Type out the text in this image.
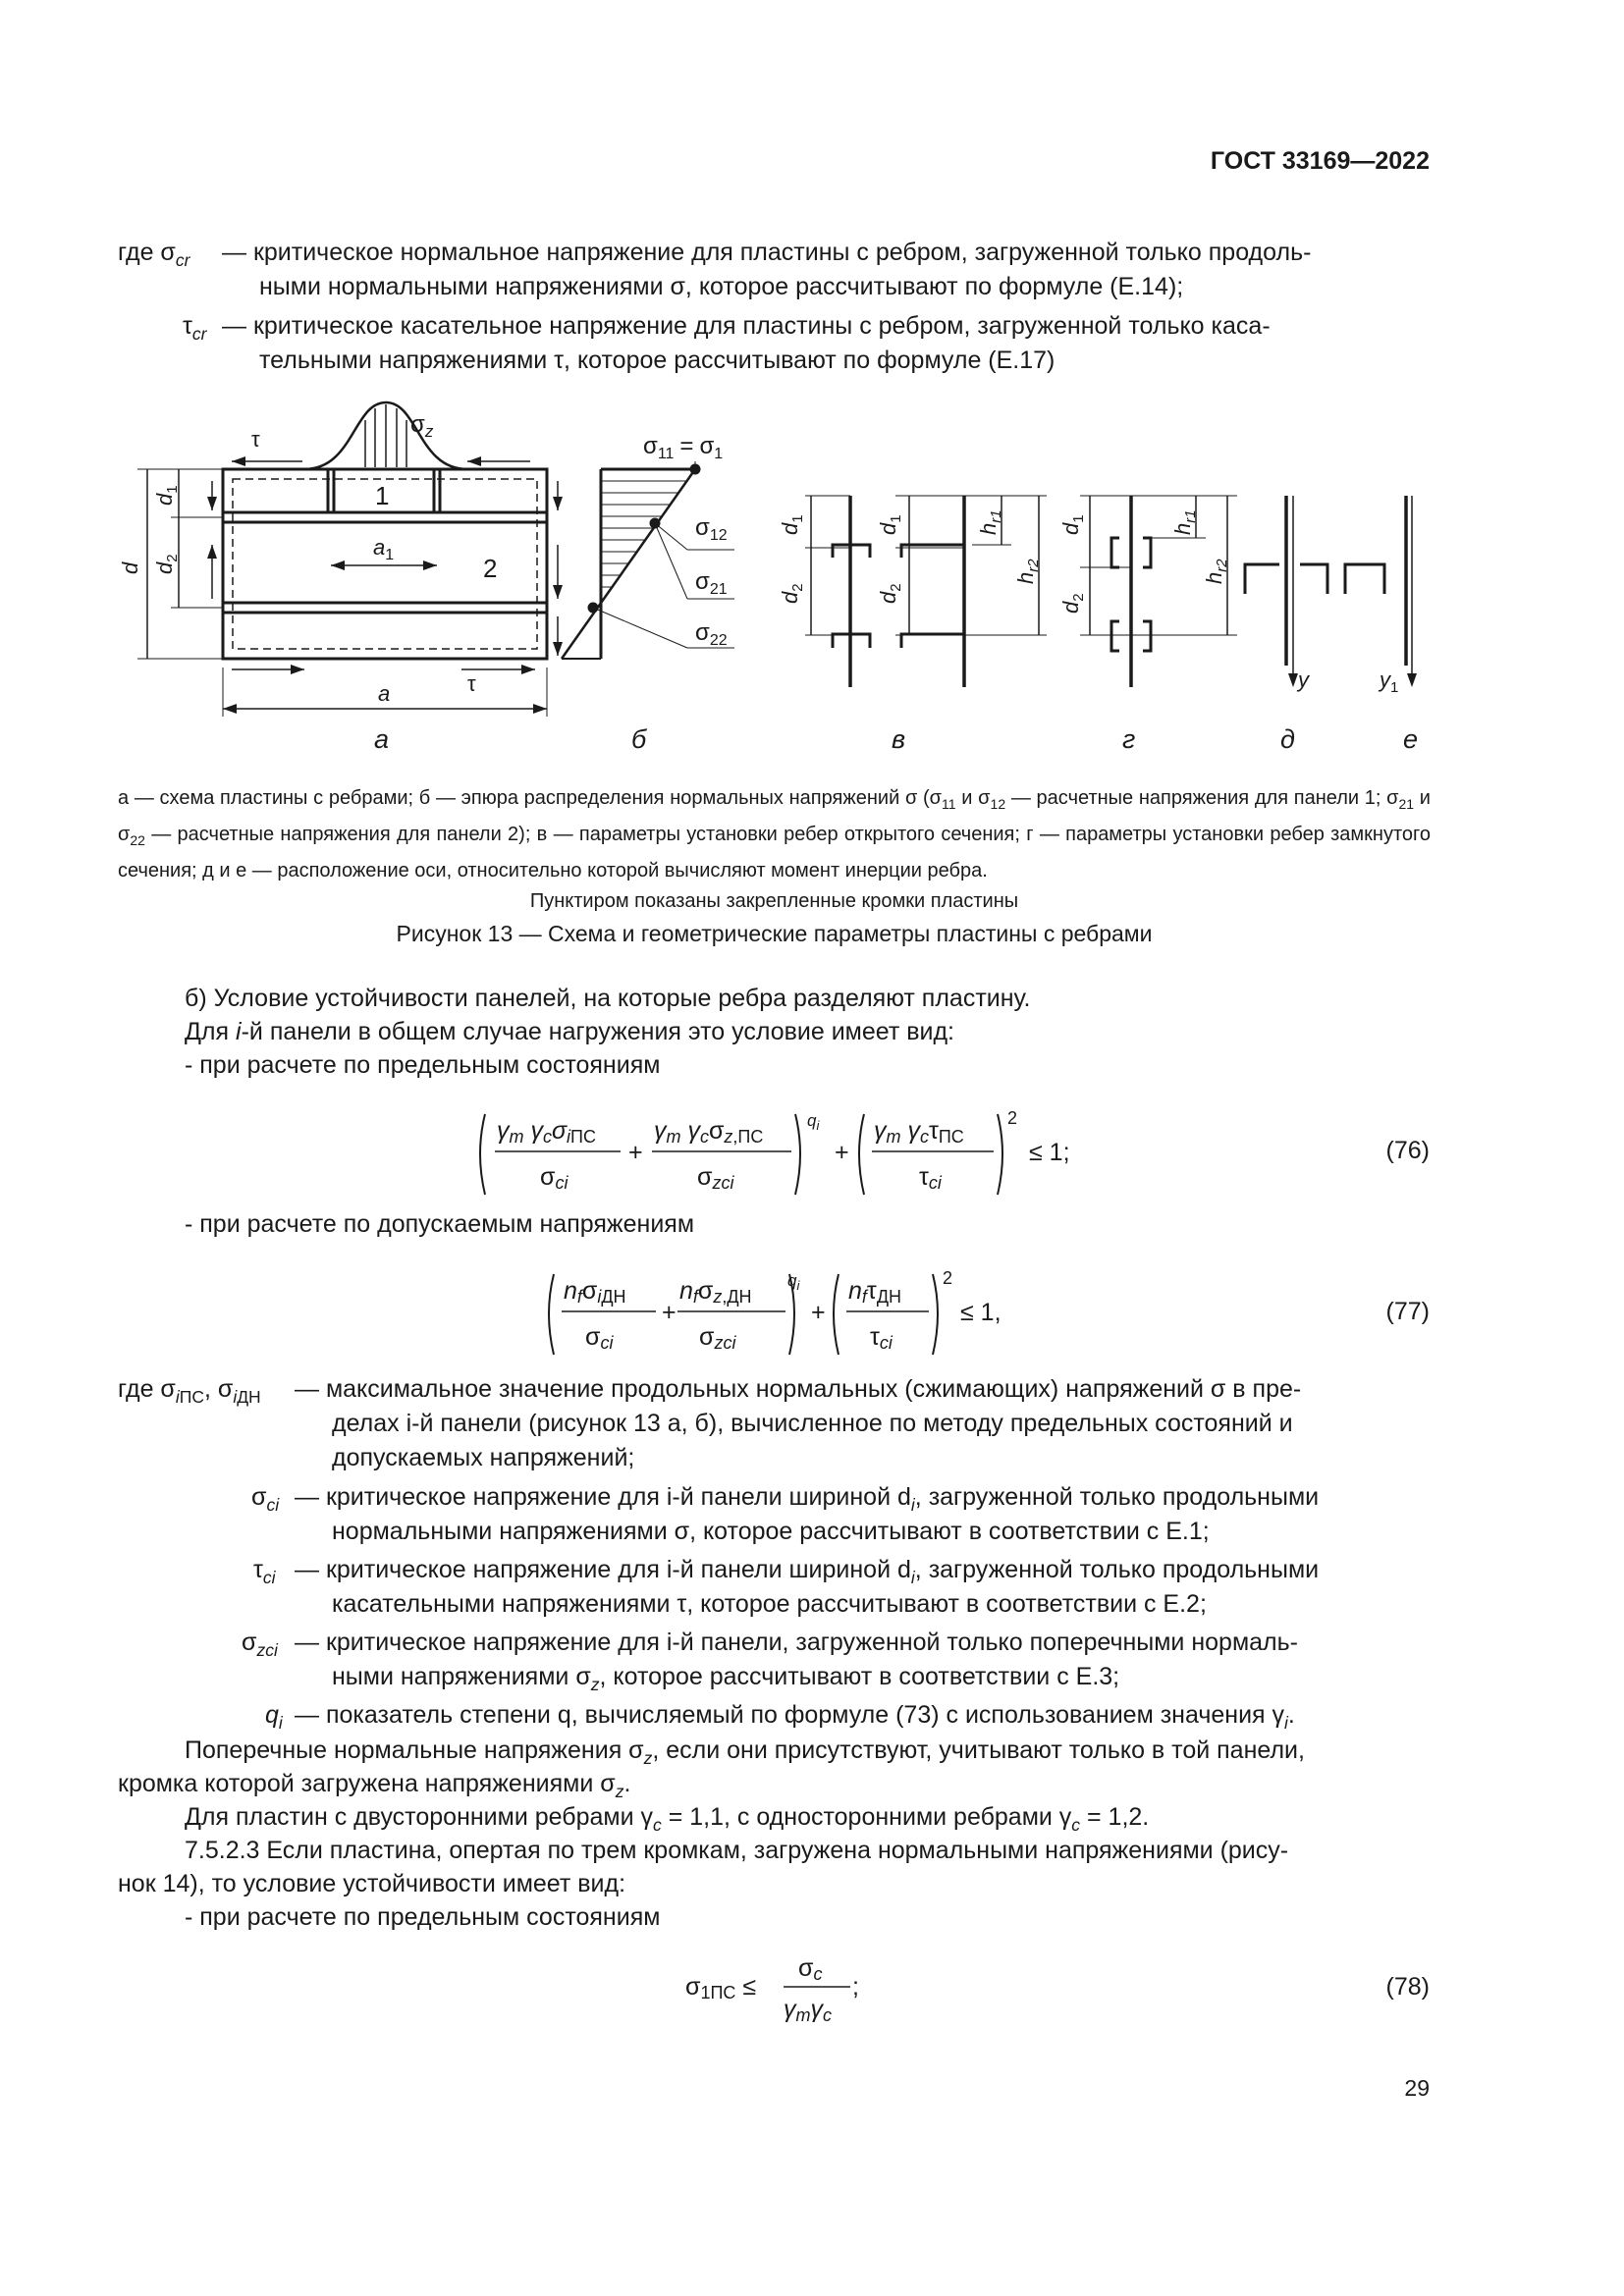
ГОСТ 33169—2022
где $\sigma_{cr}$ — критическое нормальное напряжение для пластины с ребром, загруженной только продоль-
ными нормальными напряжениями σ, которое рассчитывают по формуле (Е.14);
$\tau_{cr}$ — критическое касательное напряжение для пластины с ребром, загруженной только каса-
тельными напряжениями τ, которое рассчитывают по формуле (Е.17)
τ
$\sigma_z$
1
2
$a_1$
a	τ
d
$d_1$
$d_2$
$\sigma_{11} = \sigma_1$
$\sigma_{12}$
$\sigma_{21}$
$\sigma_{22}$
$d_1$
$d_2$
$d_1$
$d_2$
$h_{r1}$
$h_{r2}$
$d_1$
$d_2$
$h_{r1}$
$h_{r2}$
y	$y_1$
а	б	в	г	д	е
а — схема пластины с ребрами; б — эпюра распределения нормальных напряжений σ ($\sigma_{11}$ и $\sigma_{12}$ — расчетные напряжения для панели 1; $\sigma_{21}$ и $\sigma_{22}$ — расчетные напряжения для панели 2); в — параметры установки ребер открытого сечения; г — параметры установки ребер замкнутого сечения; д и е — расположение оси, относительно которой вычисляют момент инерции ребра.
Пунктиром показаны закрепленные кромки пластины
Рисунок 13 — Схема и геометрические параметры пластины с ребрами
б) Условие устойчивости панелей, на которые ребра разделяют пластину.
Для i-й панели в общем случае нагружения это условие имеет вид:
- при расчете по предельным состояниям
γm γcσiПС
σci
+
γm γcσz,ПС
σzci
$q_i$
+
γm γcτПС
τci
2
≤ 1;	(76)
- при расчете по допускаемым напряжениям
nfσiДН
σci
+
nfσz,ДН
σzci
$q_i$
+
nfτДН
τci
2
≤ 1,	(77)
где $\sigma_{iПС}$, $\sigma_{iДН}$ — максимальное значение продольных нормальных (сжимающих) напряжений σ в пре-
делах i-й панели (рисунок 13 а, б), вычисленное по методу предельных состояний и
допускаемых напряжений;
$\sigma_{ci}$ — критическое напряжение для i-й панели шириной $d_i$, загруженной только продольными
нормальными напряжениями σ, которое рассчитывают в соответствии с Е.1;
$\tau_{ci}$ — критическое напряжение для i-й панели шириной $d_i$, загруженной только продольными
касательными напряжениями τ, которое рассчитывают в соответствии с Е.2;
$\sigma_{zci}$ — критическое напряжение для i-й панели, загруженной только поперечными нормаль-
ными напряжениями $\sigma_z$, которое рассчитывают в соответствии с Е.3;
$q_i$ — показатель степени q, вычисляемый по формуле (73) с использованием значения $\gamma_i$.
Поперечные нормальные напряжения $\sigma_z$, если они присутствуют, учитывают только в той панели,
кромка которой загружена напряжениями $\sigma_z$.
Для пластин с двусторонними ребрами $\gamma_c = 1,1$, с односторонними ребрами $\gamma_c = 1,2$.
7.5.2.3 Если пластина, опертая по трем кромкам, загружена нормальными напряжениями (рису-
нок 14), то условие устойчивости имеет вид:
- при расчете по предельным состояниям
σ1ПС ≤
σc
γmγc
;	(78)
29
